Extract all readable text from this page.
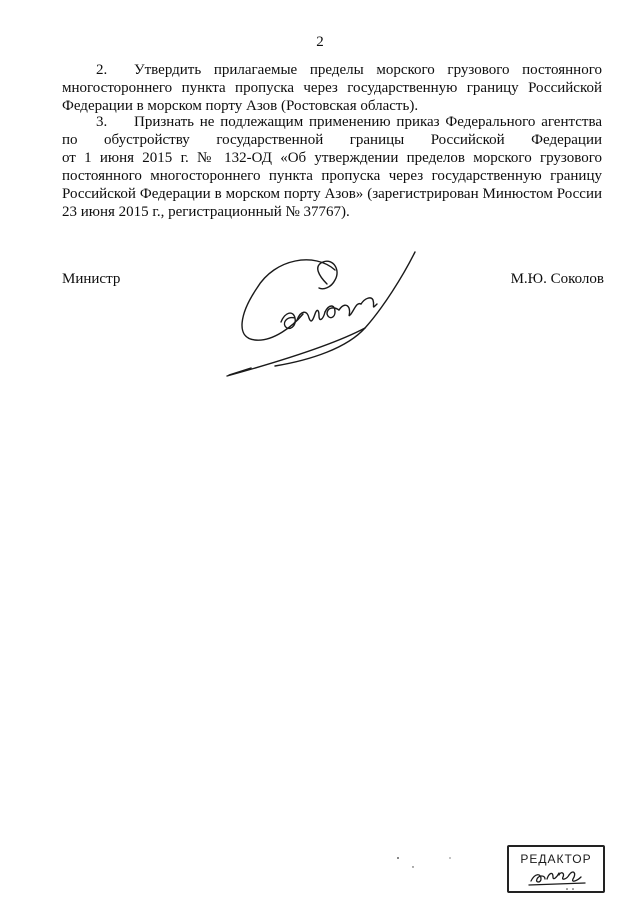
2
2. Утвердить прилагаемые пределы морского грузового постоянного
многостороннего пункта пропуска через государственную границу Российской
Федерации в морском порту Азов (Ростовская область).
3. Признать не подлежащим применению приказ Федерального агентства
по обустройству государственной границы Российской Федерации
от 1 июня 2015 г. № 132-ОД «Об утверждении пределов морского грузового
постоянного многостороннего пункта пропуска через государственную границу
Российской Федерации в морском порту Азов» (зарегистрирован Минюстом России
23 июня 2015 г., регистрационный № 37767).
Министр	М.Ю. Соколов
РЕДАКТОР
